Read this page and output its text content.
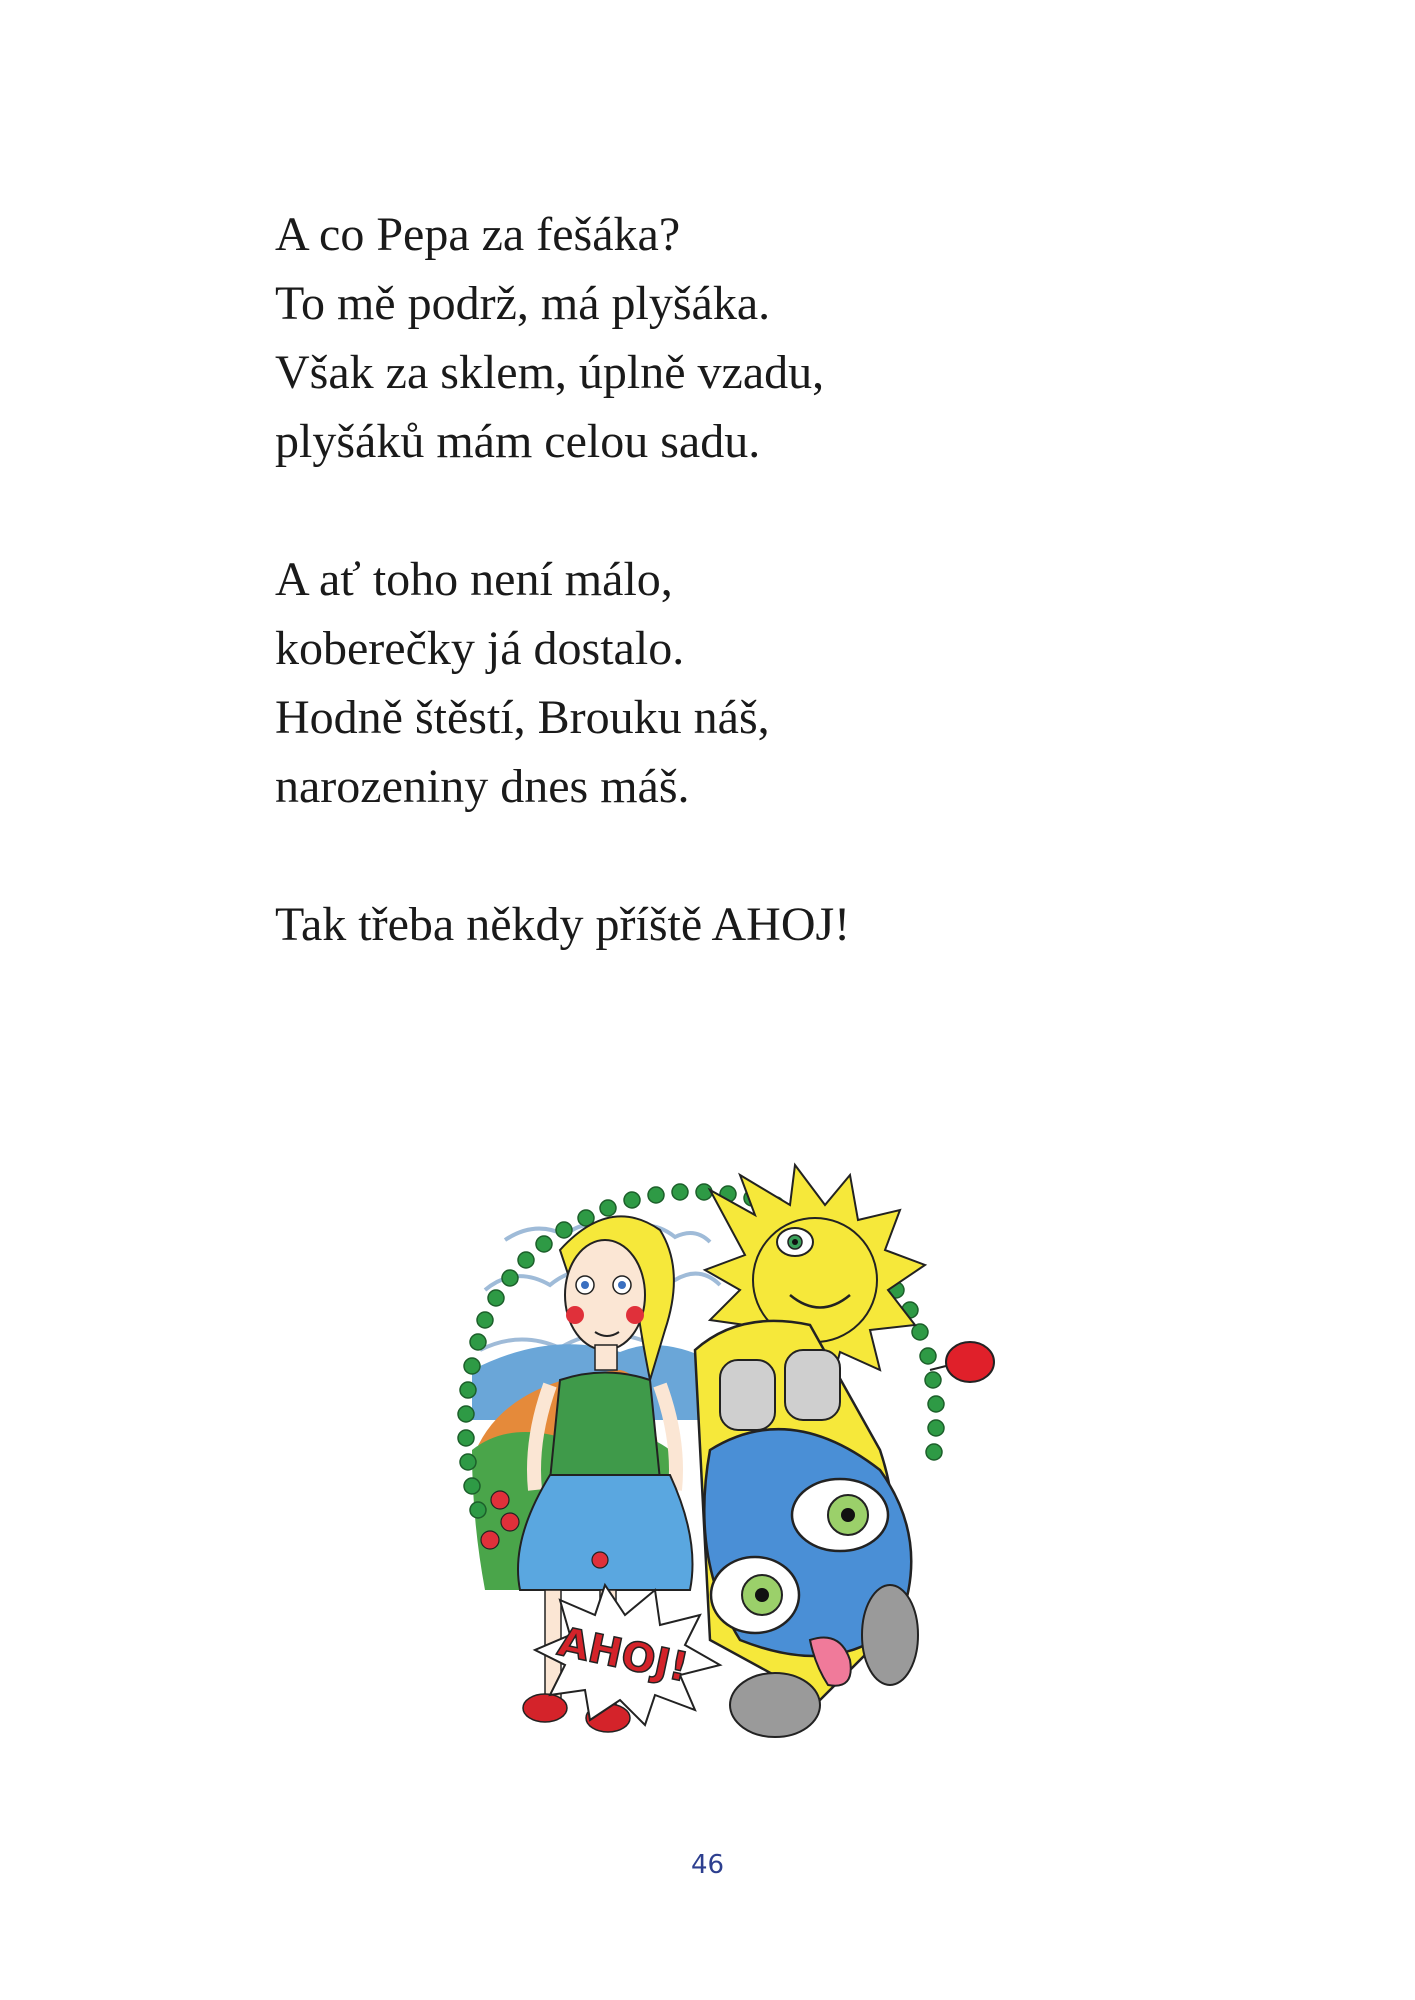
A co Pepa za fešáka?
To mě podrž, má plyšáka.
Však za sklem, úplně vzadu,
plyšáků mám celou sadu.

A ať toho není málo,
koberečky já dostalo.
Hodně štěstí, Brouku náš,
narozeniny dnes máš.

Tak třeba někdy příště AHOJ!

AHOJ!
46
